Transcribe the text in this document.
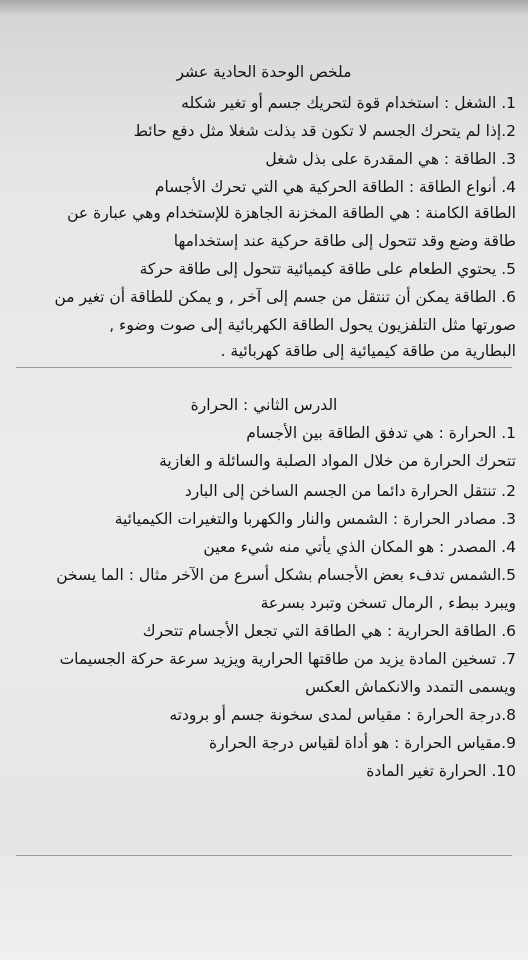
ملخص الوحدة الحادية عشر
1. الشغل : استخدام قوة لتحريك جسم أو تغير شكله
2.إذا لم يتحرك الجسم لا تكون قد بذلت شغلا مثل دفع حائط
3. الطاقة : هي المقدرة على بذل شغل
4. أنواع الطاقة : الطاقة الحركية هي التي تحرك الأجسام
الطاقة الكامنة : هي الطاقة المخزنة الجاهزة للإستخدام وهي عبارة عن
طاقة وضع وقد تتحول إلى طاقة حركية عند إستخدامها
5. يحتوي الطعام على طاقة كيميائية تتحول إلى طاقة حركة
6. الطاقة يمكن أن تنتقل من جسم إلى آخر , و يمكن للطاقة أن تغير من
صورتها مثل التلفزيون يحول الطاقة الكهربائية إلى صوت وضوء ,
البطارية من طاقة كيميائية إلى طاقة كهربائية .
الدرس الثاني : الحرارة
1. الحرارة : هي تدفق الطاقة بين الأجسام
تتحرك الحرارة من خلال المواد الصلبة والسائلة و الغازية
2. تنتقل الحرارة دائما من الجسم الساخن إلى البارد
3. مصادر الحرارة : الشمس والنار والكهربا والتغيرات الكيميائية
4. المصدر : هو المكان الذي يأتي منه شيء معين
5.الشمس تدفء بعض الأجسام بشكل أسرع من الآخر مثال : الما يسخن
ويبرد ببطء , الرمال تسخن وتبرد بسرعة
6. الطاقة الحرارية : هي الطاقة التي تجعل الأجسام تتحرك
7. تسخين المادة يزيد من طاقتها الحرارية ويزيد سرعة حركة الجسيمات
ويسمى التمدد والانكماش العكس
8.درجة الحرارة : مقياس لمدى سخونة جسم أو برودته
9.مقياس الحرارة : هو أداة لقياس درجة الحرارة
10. الحرارة تغير المادة
